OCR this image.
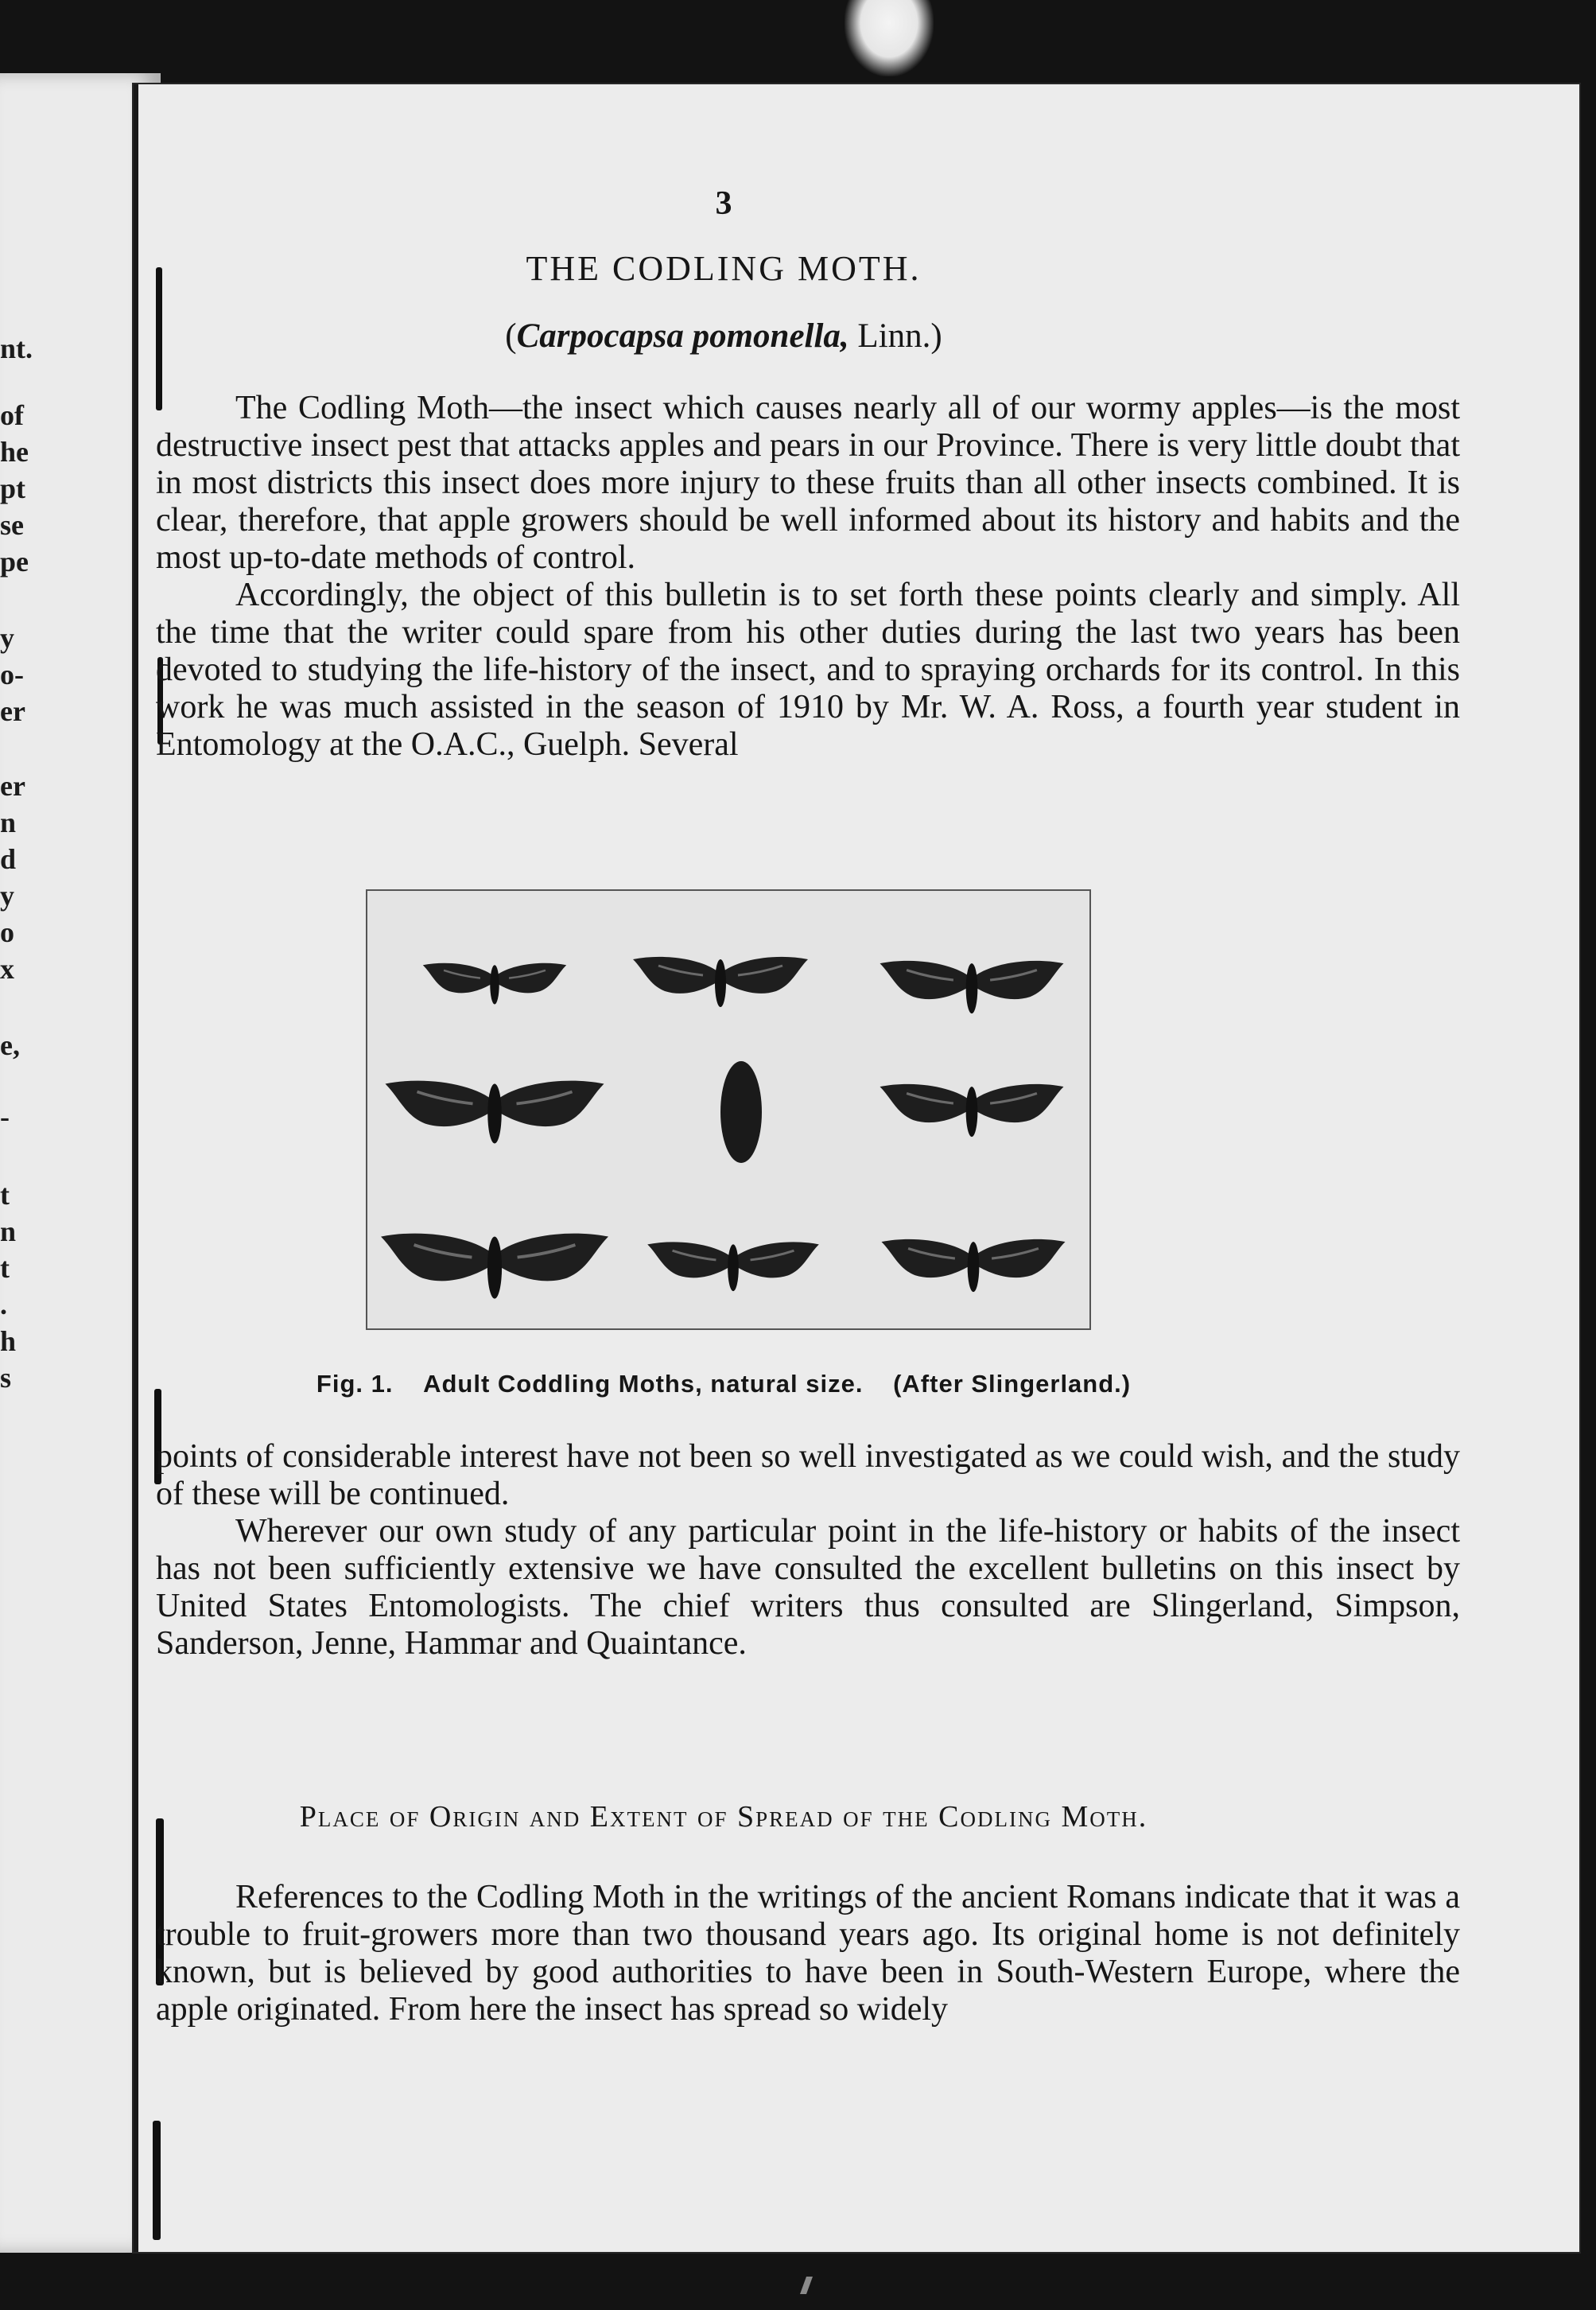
nt.
of
he
pt
se
pe
y
o-
er
er
n
d
y
o
x
e,
-
t
n
t
.
h
s
3
THE CODLING MOTH.
(Carpocapsa pomonella, Linn.)

The Codling Moth—the insect which causes nearly all of our wormy apples—is the most destructive insect pest that attacks apples and pears in our Province. There is very little doubt that in most districts this insect does more injury to these fruits than all other insects combined. It is clear, therefore, that apple growers should be well informed about its history and habits and the most up-to-date methods of control.

Accordingly, the object of this bulletin is to set forth these points clearly and simply. All the time that the writer could spare from his other duties during the last two years has been devoted to studying the life-history of the insect, and to spraying orchards for its control. In this work he was much assisted in the season of 1910 by Mr. W. A. Ross, a fourth year student in Entomology at the O.A.C., Guelph. Several

Fig. 1. Adult Coddling Moths, natural size. (After Slingerland.)

points of considerable interest have not been so well investigated as we could wish, and the study of these will be continued.

Wherever our own study of any particular point in the life-history or habits of the insect has not been sufficiently extensive we have consulted the excellent bulletins on this insect by United States Entomologists. The chief writers thus consulted are Slingerland, Simpson, Sanderson, Jenne, Hammar and Quaintance.

Place of Origin and Extent of Spread of the Codling Moth.

References to the Codling Moth in the writings of the ancient Romans indicate that it was a trouble to fruit-growers more than two thousand years ago. Its original home is not definitely known, but is believed by good authorities to have been in South-Western Europe, where the apple originated. From here the insect has spread so widely
